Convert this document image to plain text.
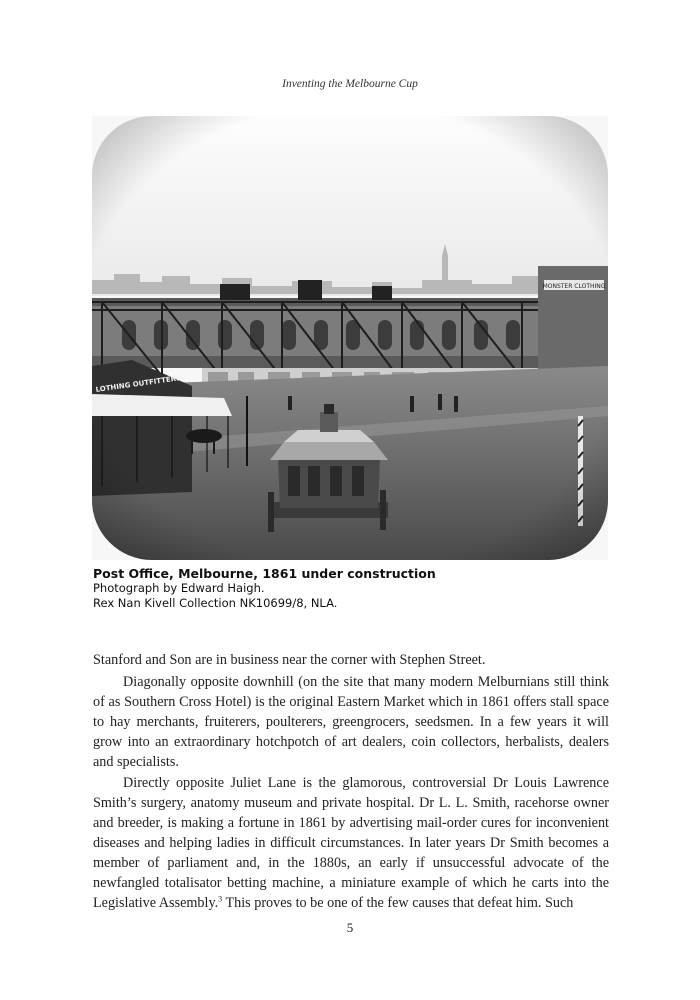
Inventing the Melbourne Cup
Post Office, Melbourne, 1861 under construction
Photograph by Edward Haigh.
Rex Nan Kivell Collection NK10699/8, NLA.

Stanford and Son are in business near the corner with Stephen Street.

Diagonally opposite downhill (on the site that many modern Melburnians still think of as Southern Cross Hotel) is the original Eastern Market which in 1861 offers stall space to hay merchants, fruiterers, poulterers, greengrocers, seedsmen. In a few years it will grow into an extraordinary hotchpotch of art dealers, coin collectors, herbalists, dealers and specialists.

Directly opposite Juliet Lane is the glamorous, controversial Dr Louis Lawrence Smith’s surgery, anatomy museum and private hospital. Dr L. L. Smith, racehorse owner and breeder, is making a fortune in 1861 by advertising mail-order cures for inconvenient diseases and helping ladies in difficult circumstances. In later years Dr Smith becomes a member of parliament and, in the 1880s, an early if unsuccessful advocate of the newfangled totalisator betting machine, a miniature example of which he carts into the Legislative Assembly.$^3$ This proves to be one of the few causes that defeat him. Such

5
